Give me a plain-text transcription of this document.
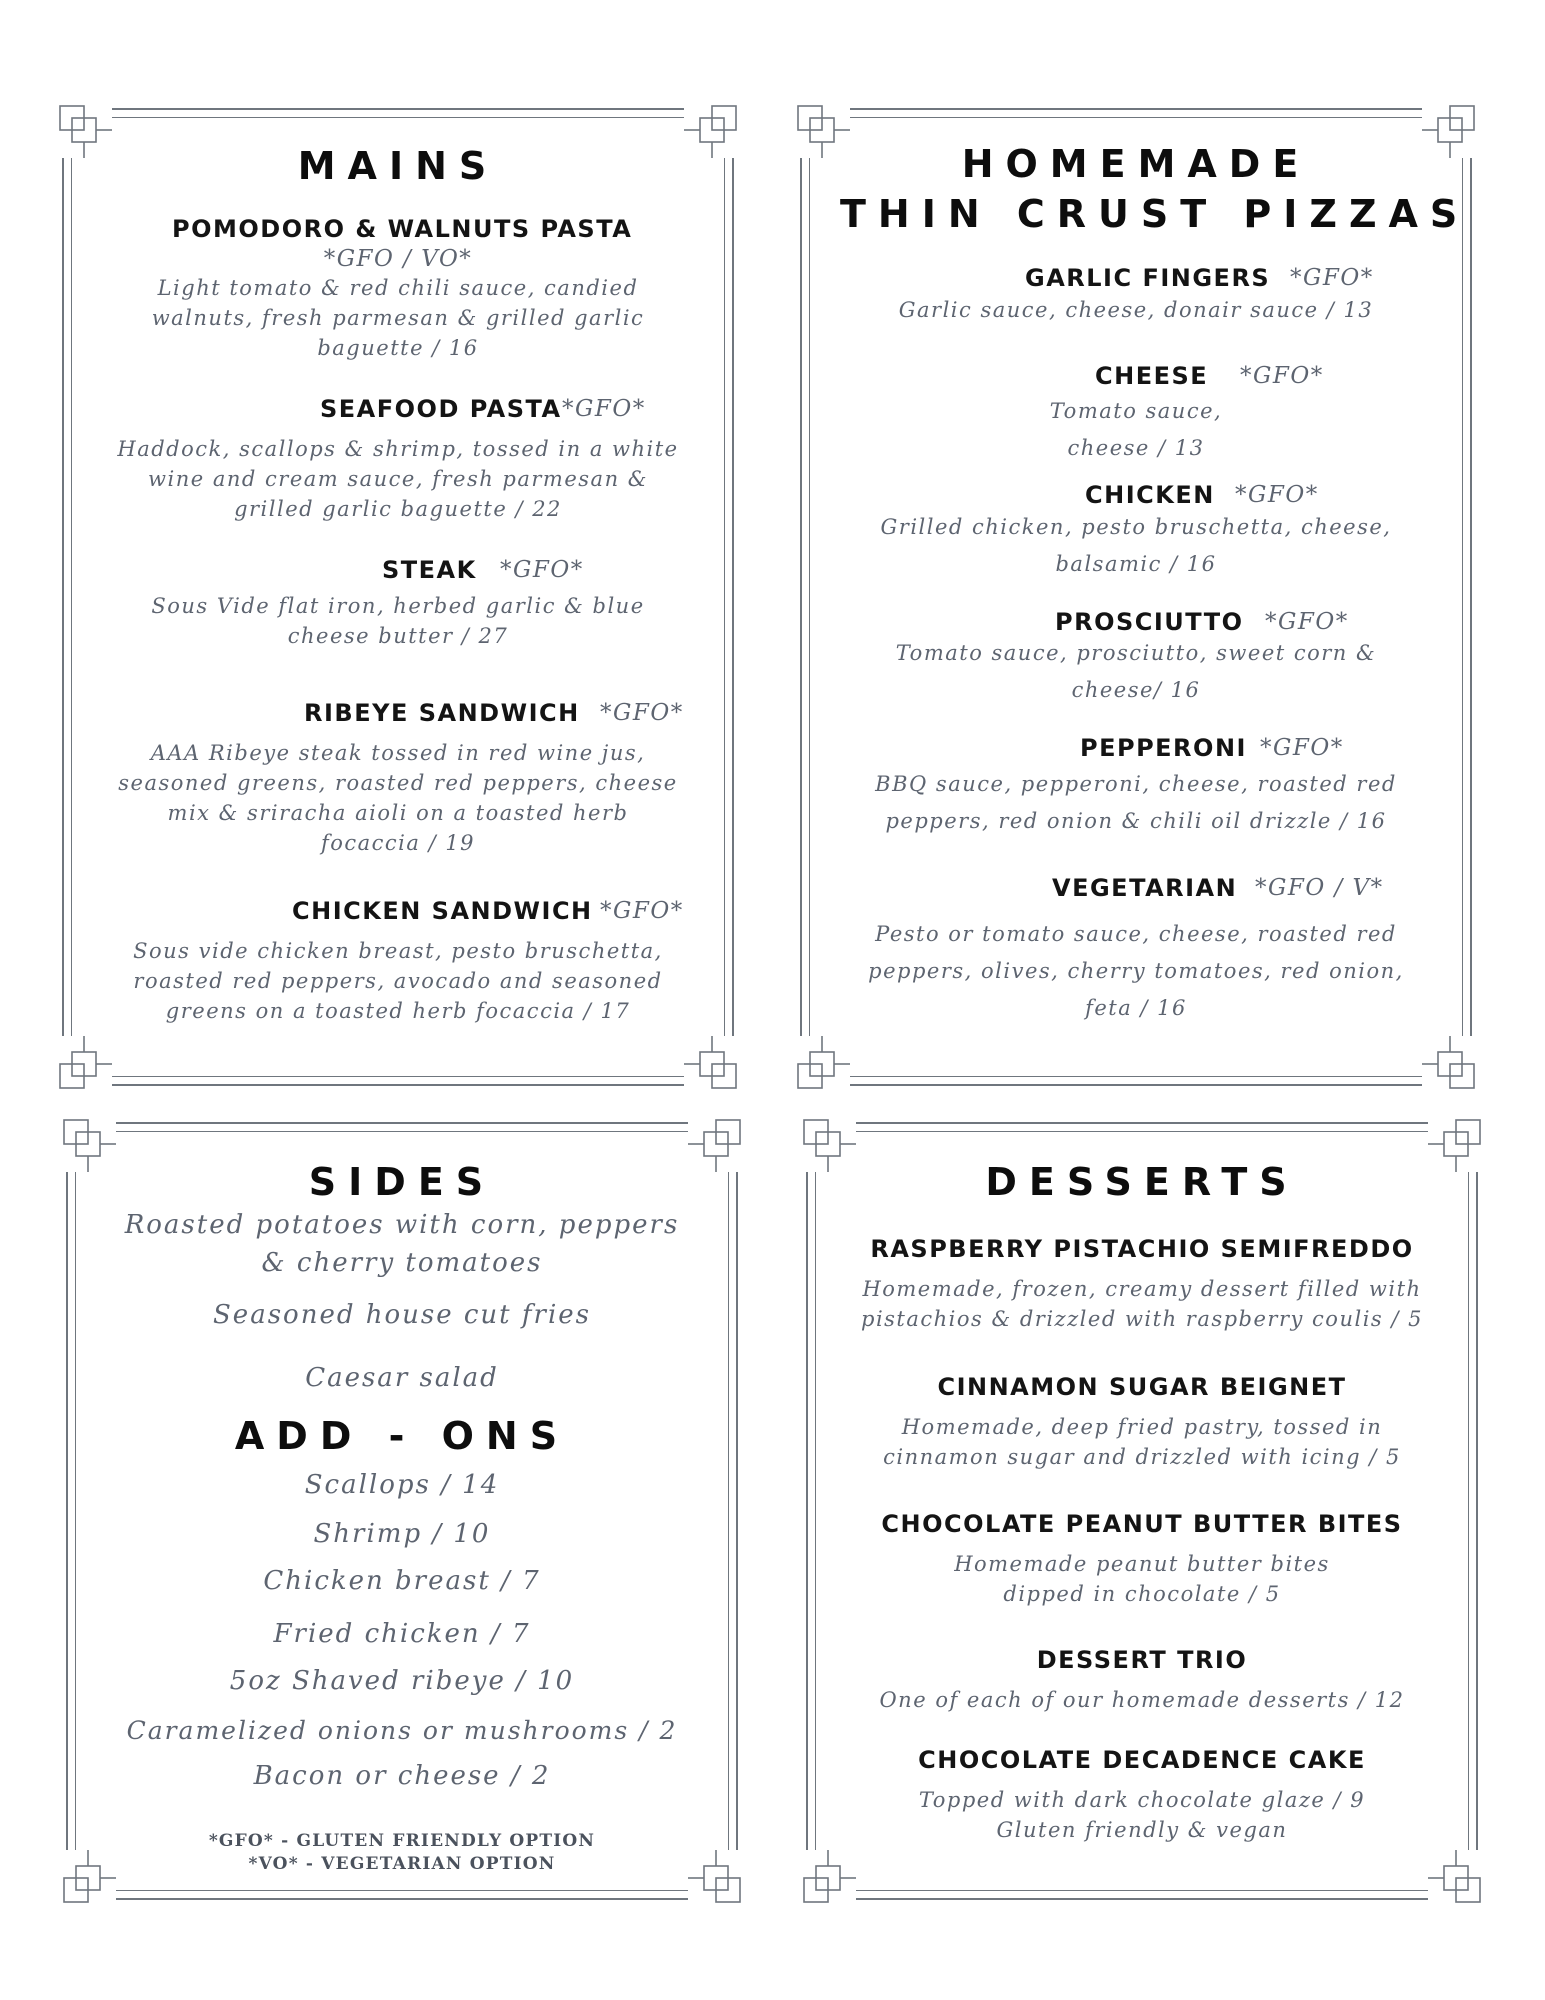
MAINS
POMODORO & WALNUTS PASTA
*GFO / VO*
Light tomato & red chili sauce, candied
walnuts, fresh parmesan & grilled garlic
baguette / 16
SEAFOOD PASTA *GFO*
Haddock, scallops & shrimp, tossed in a white
wine and cream sauce, fresh parmesan &
grilled garlic baguette / 22
STEAK *GFO*
Sous Vide flat iron, herbed garlic & blue
cheese butter / 27
RIBEYE SANDWICH *GFO*
AAA Ribeye steak tossed in red wine jus,
seasoned greens, roasted red peppers, cheese
mix & sriracha aioli on a toasted herb
focaccia / 19
CHICKEN SANDWICH *GFO*
Sous vide chicken breast, pesto bruschetta,
roasted red peppers, avocado and seasoned
greens on a toasted herb focaccia / 17
HOMEMADE
THIN CRUST PIZZAS
GARLIC FINGERS *GFO*
Garlic sauce, cheese, donair sauce / 13
CHEESE *GFO*
Tomato sauce,
cheese / 13
CHICKEN *GFO*
Grilled chicken, pesto bruschetta, cheese,
balsamic / 16
PROSCIUTTO *GFO*
Tomato sauce, prosciutto, sweet corn &
cheese/ 16
PEPPERONI *GFO*
BBQ sauce, pepperoni, cheese, roasted red
peppers, red onion & chili oil drizzle / 16
VEGETARIAN *GFO / V*
Pesto or tomato sauce, cheese, roasted red
peppers, olives, cherry tomatoes, red onion,
feta / 16
SIDES
Roasted potatoes with corn, peppers
& cherry tomatoes
Seasoned house cut fries
Caesar salad
ADD - ONS
Scallops / 14
Shrimp / 10
Chicken breast / 7
Fried chicken / 7
5oz Shaved ribeye / 10
Caramelized onions or mushrooms / 2
Bacon or cheese / 2
*GFO* - GLUTEN FRIENDLY OPTION
*VO* - VEGETARIAN OPTION
DESSERTS
RASPBERRY PISTACHIO SEMIFREDDO
Homemade, frozen, creamy dessert filled with
pistachios & drizzled with raspberry coulis / 5
CINNAMON SUGAR BEIGNET
Homemade, deep fried pastry, tossed in
cinnamon sugar and drizzled with icing / 5
CHOCOLATE PEANUT BUTTER BITES
Homemade peanut butter bites
dipped in chocolate / 5
DESSERT TRIO
One of each of our homemade desserts / 12
CHOCOLATE DECADENCE CAKE
Topped with dark chocolate glaze / 9
Gluten friendly & vegan
